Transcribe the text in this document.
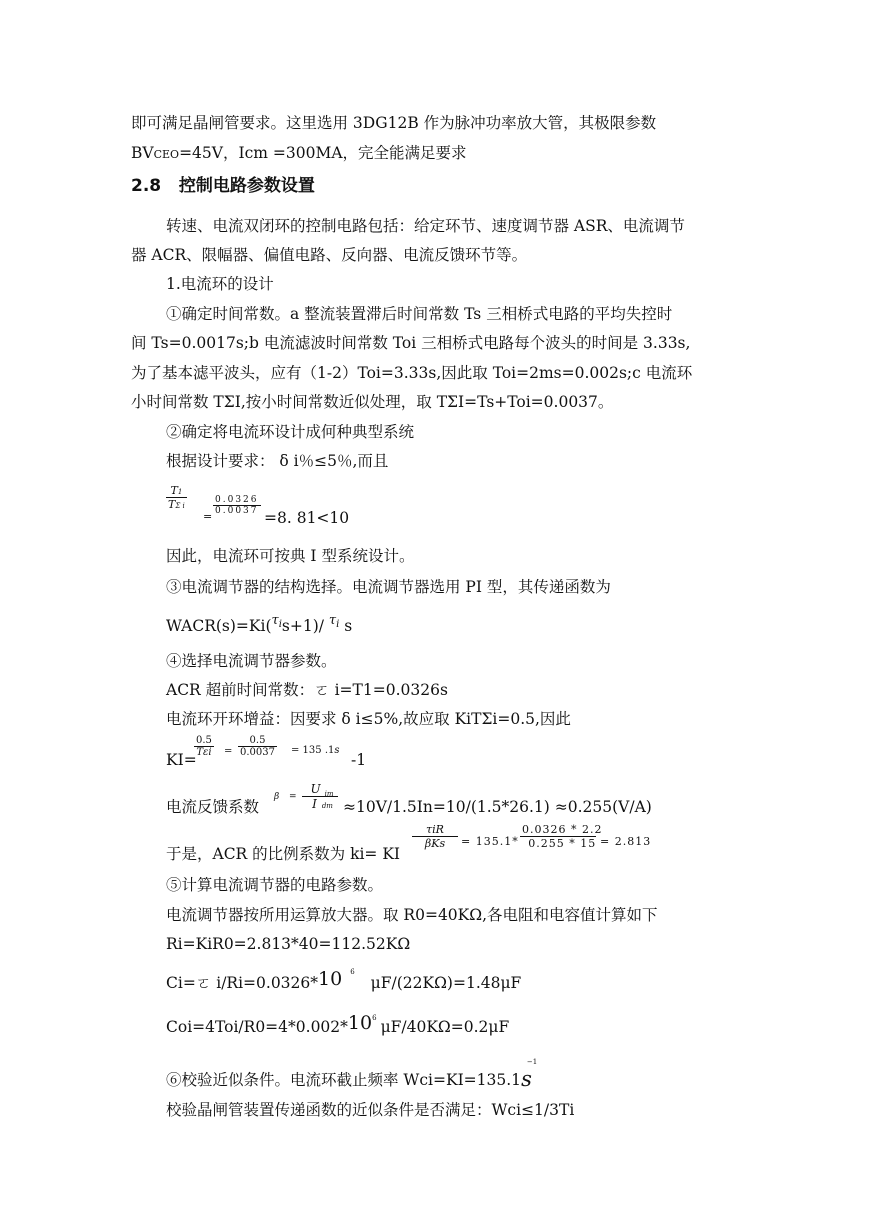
即可满足晶闸管要求。这里选用 3DG12B 作为脉冲功率放大管，其极限参数
BVCEO=45V，Icm =300MA，完全能满足要求
2.8 控制电路参数设置
转速、电流双闭环的控制电路包括：给定环节、速度调节器 ASR、电流调节
器 ACR、限幅器、偏值电路、反向器、电流反馈环节等。
1.电流环的设计
①确定时间常数。a 整流装置滞后时间常数 Ts 三相桥式电路的平均失控时
间 Ts=0.0017s;b 电流滤波时间常数 Toi 三相桥式电路每个波头的时间是 3.33s,
为了基本滤平波头，应有（1-2）Toi=3.33s,因此取 Toi=2ms=0.002s;c 电流环
小时间常数 TΣI,按小时间常数近似处理，取 TΣI=Ts+Toi=0.0037。
②确定将电流环设计成何种典型系统
根据设计要求： δ i％≤5％,而且
T1
TΣ i
=
0.0326
0.0037 =8. 81<10
因此，电流环可按典 I 型系统设计。
③电流调节器的结构选择。电流调节器选用 PI 型，其传递函数为
WACR(s)=Ki($^{\tau i}$s+1)/ $^{\tau i}$ s
④选择电流调节器参数。
ACR 超前时间常数：ㄛ i=T1=0.0326s
电流环开环增益：因要求 δ i≤5%,故应取 KiTΣi=0.5,因此
KI=
0.5
Tεi =
0.5
0.0037 = 135 .1s
-1
电流反馈系数
β =
U $_{im}$
Idm ≈10V/1.5In=10/(1.5*26.1) ≈0.255(V/A)
于是，ACR 的比例系数为 ki= KI
τiR
βKs	= 135.1*
0.0326 * 2.2
0.255 * 15 = 2.813
⑤计算电流调节器的电路参数。
电流调节器按所用运算放大器。取 R0=40KΩ,各电阻和电容值计算如下
Ri=KiR0=2.813*40=112.52KΩ
Ci=ㄛ i/Ri=0.0326*10 $^6$μF/(22KΩ)=1.48μF
$Coi=4Toi/R0=4*0.002*10^6$ μF/40KΩ=0.2μF
⑥校验近似条件。电流环截止频率 $Wci=KI=135.1s^{-1}$
校验晶闸管装置传递函数的近似条件是否满足：Wci≤1/3Ti
